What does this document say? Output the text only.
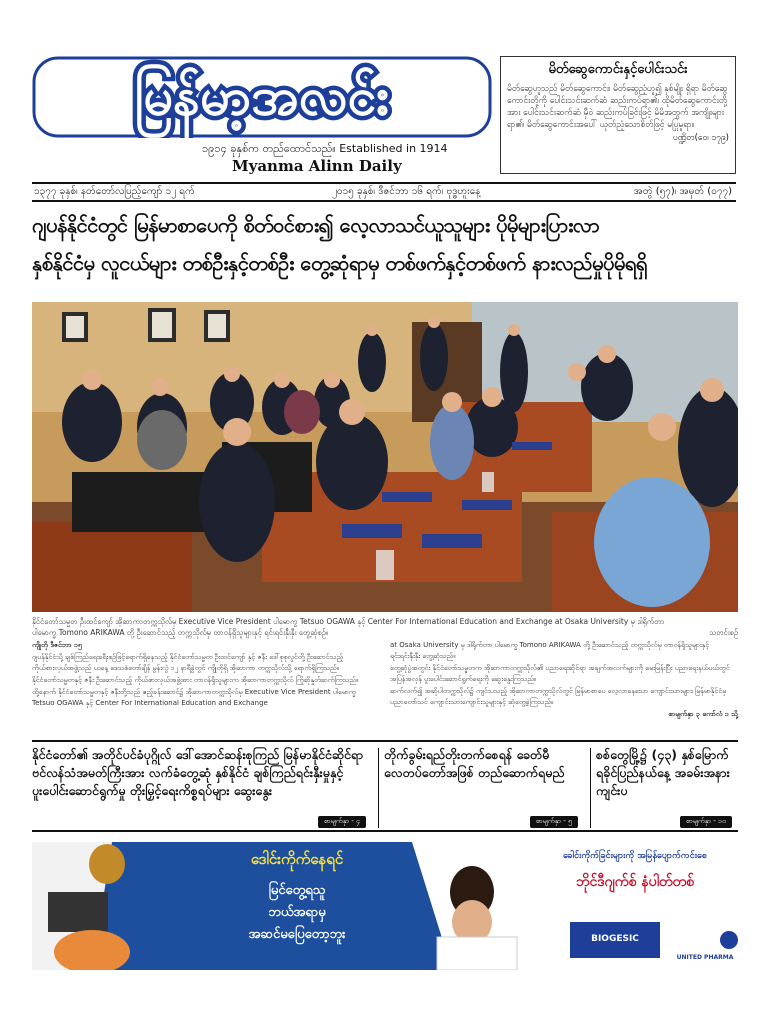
မြန်မာ့အလင်း
၁၉၁၄ ခုနှစ်က တည်ထောင်သည်။ Established in 1914
Myanma Alinn Daily
မိတ်ဆွေကောင်းနှင့်ပေါင်းသင်း
မိတ်ဆွေဟူသည် မိတ်ဆွေကောင်း၊ မိတ်ဆွေညံ့ဟူ၍ နှစ်မျိုး ရှိရာ မိတ်ဆွေကောင်းတို့ကို ပေါင်းသင်းဆက်ဆံ ဆည်းကပ်ရာ၏၊ ထိုမိတ်ဆွေကောင်းတို့အား ပေါင်းသင်းဆက်ဆံ မှီဝဲ ဆည်းကပ်ခြင်းဖြင့် မိမိအတွက် အကျိုးများရာ၏၊ မိတ်ဆွေကောင်းအပေါ် ယုတ်ညံ့သောစိတ်ဖြင့် မပြုမူရာ။
ပဏ္ဍိတ(ဝေ၊ ၁၇၉)
၁၃၇၇ ခုနှစ်၊ နတ်တော်လပြည့်ကျော် ၁၂ ရက်	၂၀၁၅ ခုနှစ်၊ ဒီဇင်ဘာ ၁၆ ရက်၊ ဗုဒ္ဓဟူးနေ့	အတွဲ (၅၇)၊ အမှတ် (၀၇၇)
ဂျပန်နိုင်ငံတွင် မြန်မာစာပေကို စိတ်ဝင်စား၍ လေ့လာသင်ယူသူများ ပိုမိုများပြားလာ
နှစ်နိုင်ငံမှ လူငယ်များ တစ်ဦးနှင့်တစ်ဦး တွေ့ဆုံရာမှ တစ်ဖက်နှင့်တစ်ဖက် နားလည်မှုပိုမိုရရှိ
နိုင်ငံတော်သမ္မတ ဦးထင်ကျော် အိုဆာကာတက္ကသိုလ်မှ Executive Vice President ပါမောက္ခ Tetsuo OGAWA နှင့် Center For International Education and Exchange at Osaka University မှ ဒါရိုက်တာ
ပါမောက္ခ Tomono ARIKAWA တို့ ဦးဆောင်သည့် တက္ကသိုလ်မှ တာဝန်ရှိသူများနှင့် ရင်းရင်းနှီးနှီး တွေ့ဆုံစဉ်။	သတင်းစဉ်

ကျိုတို ဒီဇင်ဘာ ၁၅

ဂျပန်နိုင်ငံသို့ ချစ်ကြည်ရေးခရီးစဉ်ဖြင့်ရောက်ရှိနေသည့် နိုင်ငံတော်သမ္မတ ဦးထင်ကျော် နှင့် ဇနီး ဒေါ်စုစုလွင်တို့ ဦးဆောင်သည့် ကိုယ်စားလှယ်အဖွဲ့သည် ယနေ့ ဒေသစံတော်ချိန် မွန်းလွဲ ၁၂ နာရီခွဲတွင် ကျိုတိုရှိ အိုဆာကာ တက္ကသိုလ်သို့ ရောက်ရှိကြသည်။

နိုင်ငံတော်သမ္မတနှင့် ဇနီး ဦးဆောင်သည့် ကိုယ်စားလှယ်အဖွဲ့အား တာဝန်ရှိသူများက အိုဆာကာတက္ကသိုလ် ကြိုဆိုနှုတ်ဆက်ကြသည်။

ထို့နောက် နိုင်ငံတော်သမ္မတနှင့် ဇနီးတို့သည် ဧည့်ခန်းဆောင်၌ အိုဆာကာတက္ကသိုလ်မှ Executive Vice President ပါမောက္ခ Tetsuo OGAWA နှင့် Center For International Education and Exchange

at Osaka University မှ ဒါရိုက်တာ ပါမောက္ခ Tomono ARIKAWA တို့ ဦးဆောင်သည့် တက္ကသိုလ်မှ တာဝန်ရှိသူများနှင့် ရင်းရင်းနှီးနှီး တွေ့ဆုံသည်။

တွေ့ဆုံပွဲအတွင်း နိုင်ငံတော်သမ္မတက အိုဆာကာတက္ကသိုလ်၏ ပညာရေးဆိုင်ရာ အချက်အလက်များကို မေးမြန်းပြီး ပညာရေးနယ်ပယ်တွင် အပြန်အလှန် ပူးပေါင်းဆောင်ရွက်ရေးကို ဆွေးနွေးကြသည်။

ဆက်လက်၍ အဆိုပါတက္ကသိုလ်၌ ကျင်းပသည့် အိုဆာကာတက္ကသိုလ်တွင် မြန်မာစာပေ လေ့လာနေသော ကျောင်းသားများ၊ မြန်မာနိုင်ငံမှ ပညာတော်သင် ကျောင်းသားကျောင်းသူများနှင့် ဆုံတွေ့ခဲ့ကြသည်။

စာမျက်နှာ ၃ ကော်လံ ၁ သို့

နိုင်ငံတော်၏ အတိုင်ပင်ခံပုဂ္ဂိုလ် ဒေါ်အောင်ဆန်းစုကြည် မြန်မာနိုင်ငံဆိုင်ရာ ဗင်လန်သံအမတ်ကြီးအား လက်ခံတွေ့ဆုံ နှစ်နိုင်ငံ ချစ်ကြည်ရင်းနှီးမှုနှင့် ပူးပေါင်းဆောင်ရွက်မှု တိုးမြှင့်ရေးကိစ္စရပ်များ ဆွေးနွေး
စာမျက်နှာ - ၄
တိုက်ခွမ်းရည်တိုးတက်စေရန် ခေတ်မီလေတပ်တော်အဖြစ် တည်ဆောက်ရမည်
စာမျက်နှာ - ၅
စစ်တွေမြို့၌ (၄၃) နှစ်မြောက် ရခိုင်ပြည်နယ်နေ့ အခမ်းအနားကျင်းပ
စာမျက်နှာ - ၁၀
ဒေါင်းကိုက်နေရင်
မြင်တွေ့ရသူ
ဘယ်အရာမှ
အဆင်မပြေတော့ဘူး
ခေါင်းကိုက်ခြင်းများကို အမြန်ပျောက်ကင်းစေ
ဘိုင်ဒီဂျက်စ် နံပါတ်တစ်
BIOGESIC
UNITED PHARMA
